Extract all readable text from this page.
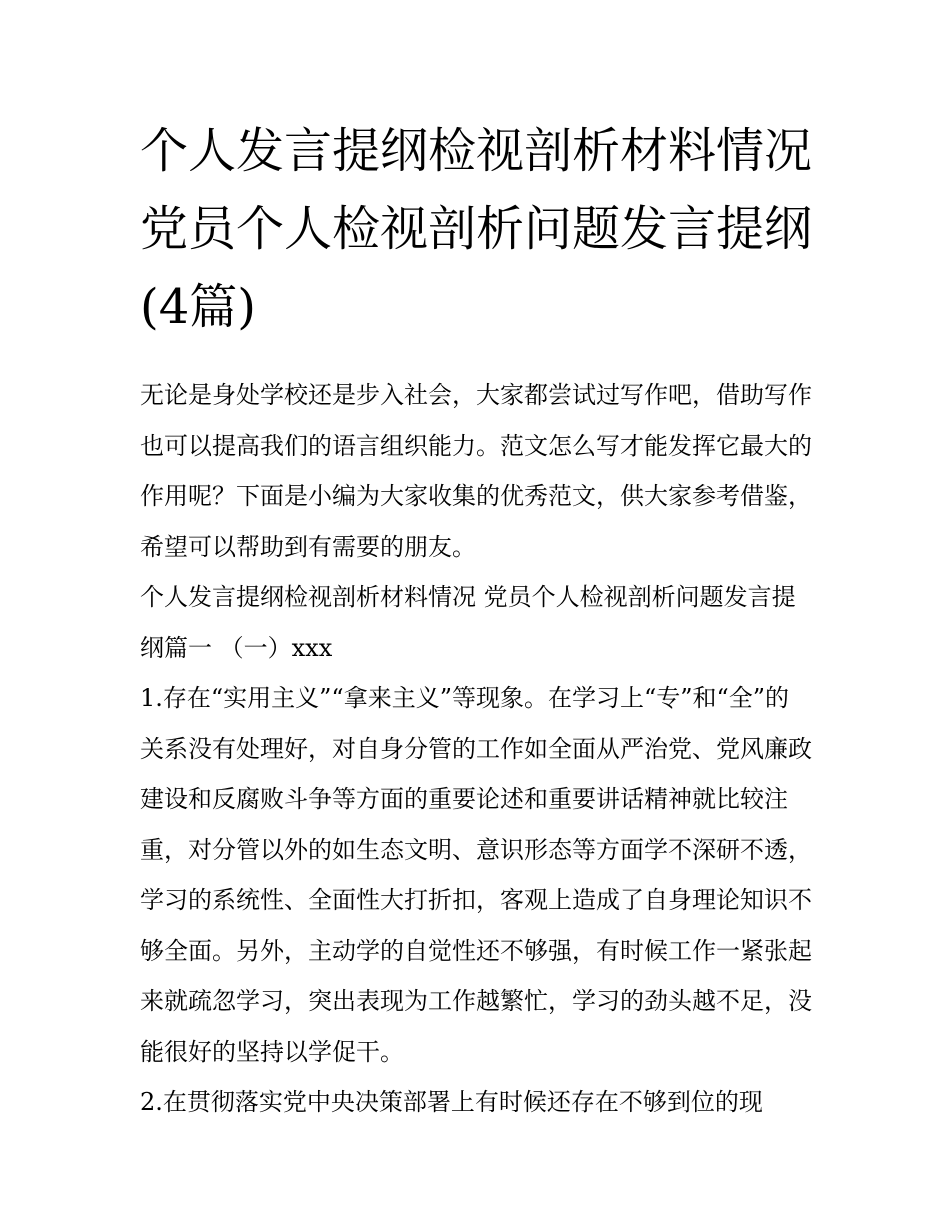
个人发言提纲检视剖析材料情况 党员个人检视剖析问题发言提纲(4篇)

无论是身处学校还是步入社会，大家都尝试过写作吧，借助写作也可以提高我们的语言组织能力。范文怎么写才能发挥它最大的作用呢？下面是小编为大家收集的优秀范文，供大家参考借鉴，希望可以帮助到有需要的朋友。

个人发言提纲检视剖析材料情况 党员个人检视剖析问题发言提纲篇一 （一）xxx

1.存在“实用主义”“拿来主义”等现象。在学习上“专”和“全”的关系没有处理好，对自身分管的工作如全面从严治党、党风廉政建设和反腐败斗争等方面的重要论述和重要讲话精神就比较注重，对分管以外的如生态文明、意识形态等方面学不深研不透，学习的系统性、全面性大打折扣，客观上造成了自身理论知识不够全面。另外，主动学的自觉性还不够强，有时候工作一紧张起来就疏忽学习，突出表现为工作越繁忙，学习的劲头越不足，没能很好的坚持以学促干。

2.在贯彻落实党中央决策部署上有时候还存在不够到位的现
